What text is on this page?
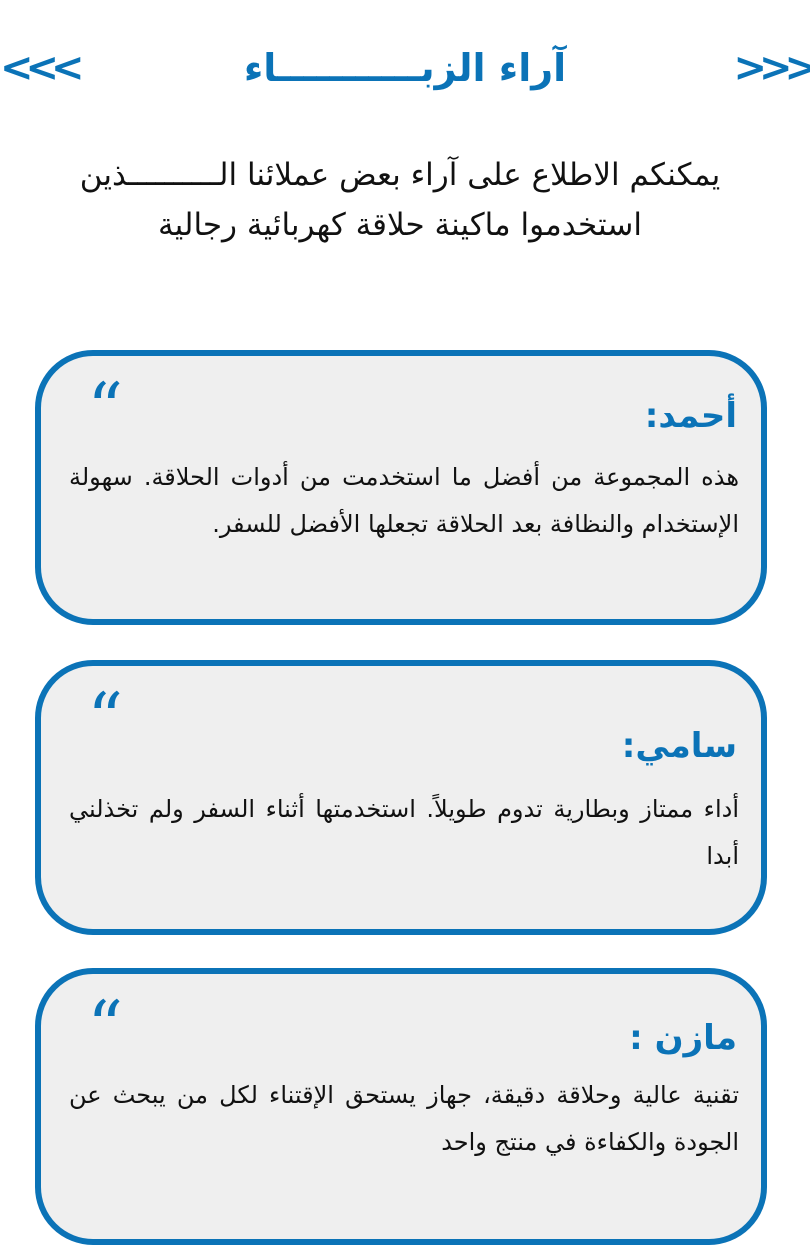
>>>	آراء الزبـــــــــــاء	<<<
يمكنكم الاطلاع على آراء بعض عملائنا الــــــــــذين
استخدموا ماكينة حلاقة كهربائية رجالية
“	أحمد:
هذه المجموعة من أفضل ما استخدمت من أدوات الحلاقة. سهولة الإستخدام والنظافة بعد الحلاقة تجعلها الأفضل للسفر.
“	سامي:
أداء ممتاز وبطارية تدوم طويلاً. استخدمتها أثناء السفر ولم تخذلني أبدا
“	مازن :
تقنية عالية وحلاقة دقيقة، جهاز يستحق الإقتناء لكل من يبحث عن الجودة والكفاءة في منتج واحد
